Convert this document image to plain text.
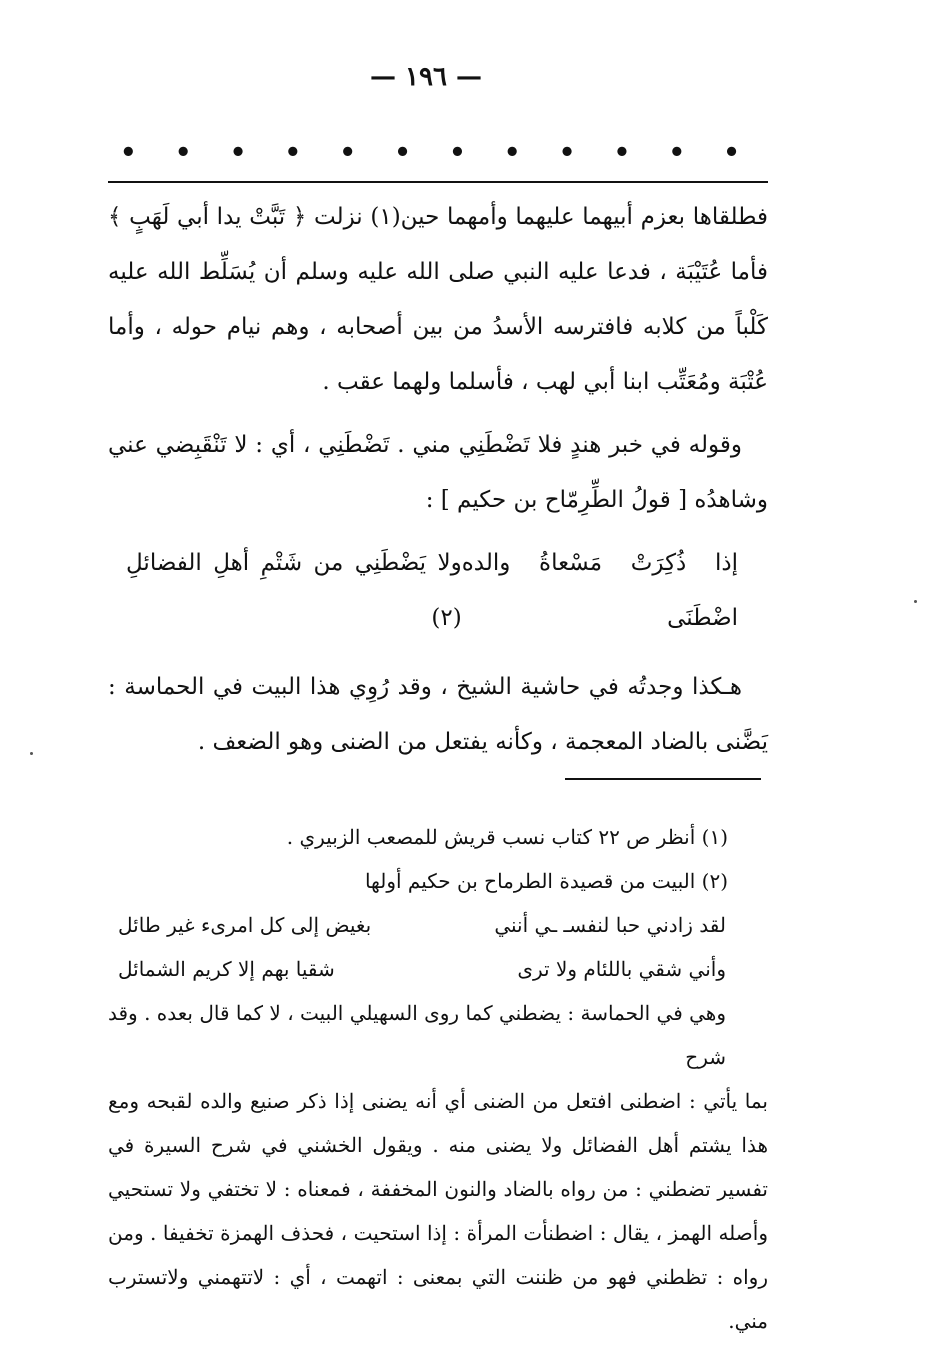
— ١٩٦ —
• • • • • • • • • • • •

فطلقاها بعزم أبيهما عليهما وأمهما حين(١) نزلت ﴿ تَبَّتْ يدا أبي لَهَبٍ ﴾ فأما عُتَيْبَة ، فدعا عليه النبي صلى الله عليه وسلم أن يُسَلِّط الله عليه كَلْباً من كلابه فافترسه الأسدُ من بين أصحابه ، وهم نيام حوله ، وأما عُتْبَة ومُعَتِّب ابنا أبي لهب ، فأسلما ولهما عقب .

وقوله في خبر هندٍ فلا تَضْطَنِي مني . تَضْطَنِي ، أي : لا تَنْقَبِضي عني وشاهدُه [ قولُ الطِّرِمّاح بن حكيم ] :

إذا ذُكِرَتْ مَسْعاةُ والده اضْطَنَى
ولا يَضْطَنِي من شَتْمِ أهلِ الفضائلِ (٢)

هـكذا وجدتُه في حاشية الشيخ ، وقد رُوِي هذا البيت في الحماسة : يَضَّنى بالضاد المعجمة ، وكأنه يفتعل من الضنى وهو الضعف .

(١) أنظر ص ٢٢ كتاب نسب قريش للمصعب الزبيري .

(٢) البيت من قصيدة الطرماح بن حكيم أولها

لقد زادني حبا لنفسـ ـي أنني
بغيض إلى كل امرىء غير طائل
وأني شقي باللئام ولا ترى
شقيا بهم إلا كريم الشمائل

وهي في الحماسة : يضطني كما روى السهيلي البيت ، لا كما قال بعده . وقد شرح

بما يأتي : اضطنى افتعل من الضنى أي أنه يضنى إذا ذكر صنيع والده لقبحه ومع هذا يشتم أهل الفضائل ولا يضنى منه . ويقول الخشني في شرح السيرة في تفسير تضطني : من رواه بالضاد والنون المخففة ، فمعناه : لا تختفي ولا تستحيي وأصله الهمز ، يقال : اضطنأت المرأة : إذا استحيت ، فحذف الهمزة تخفيفا . ومن رواه : تظطني فهو من ظننت التي بمعنى : اتهمت ، أي : لاتتهمني ولاتسترب مني.
